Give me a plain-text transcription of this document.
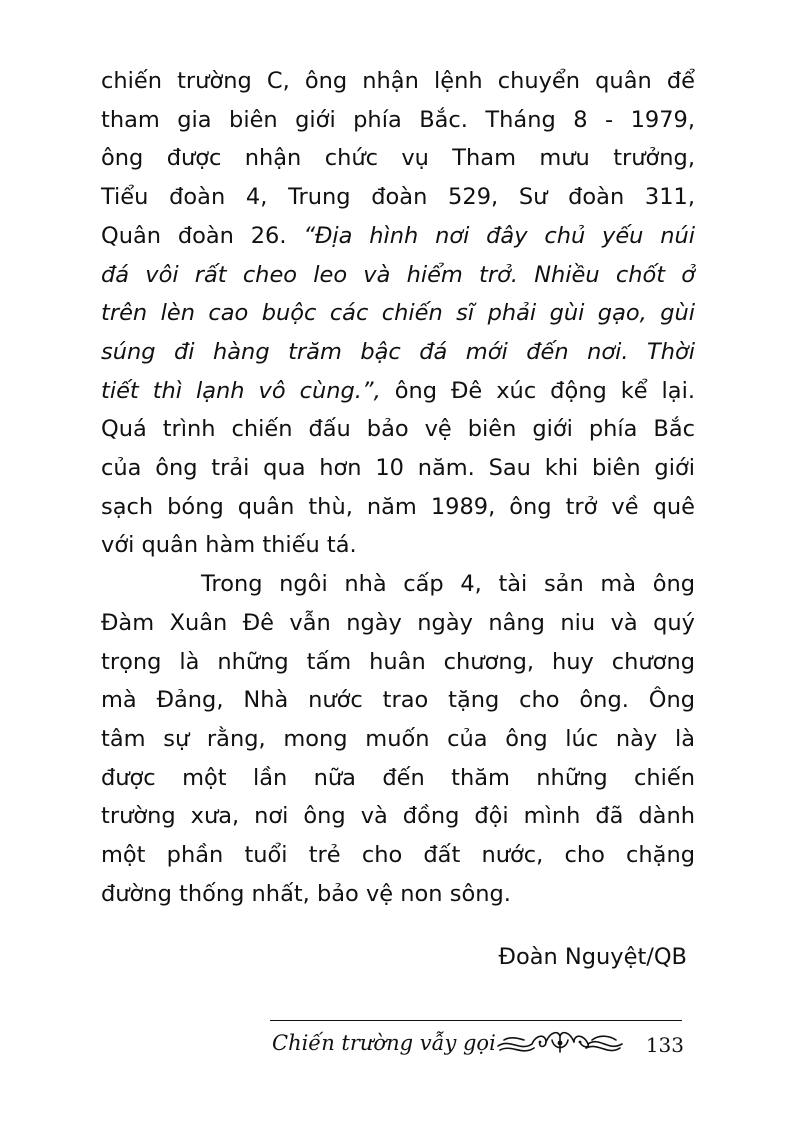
chiến trường C, ông nhận lệnh chuyển quân để
tham gia biên giới phía Bắc. Tháng 8 - 1979,
ông được nhận chức vụ Tham mưu trưởng,
Tiểu đoàn 4, Trung đoàn 529, Sư đoàn 311,
Quân đoàn 26. “Địa hình nơi đây chủ yếu núi
đá vôi rất cheo leo và hiểm trở. Nhiều chốt ở
trên lèn cao buộc các chiến sĩ phải gùi gạo, gùi
súng đi hàng trăm bậc đá mới đến nơi. Thời
tiết thì lạnh vô cùng.”, ông Đê xúc động kể lại.
Quá trình chiến đấu bảo vệ biên giới phía Bắc
của ông trải qua hơn 10 năm. Sau khi biên giới
sạch bóng quân thù, năm 1989, ông trở về quê
với quân hàm thiếu tá.
Trong ngôi nhà cấp 4, tài sản mà ông
Đàm Xuân Đê vẫn ngày ngày nâng niu và quý
trọng là những tấm huân chương, huy chương
mà Đảng, Nhà nước trao tặng cho ông. Ông
tâm sự rằng, mong muốn của ông lúc này là
được một lần nữa đến thăm những chiến
trường xưa, nơi ông và đồng đội mình đã dành
một phần tuổi trẻ cho đất nước, cho chặng
đường thống nhất, bảo vệ non sông.
Đoàn Nguyệt/QB
Chiến trường vẫy gọi	133
